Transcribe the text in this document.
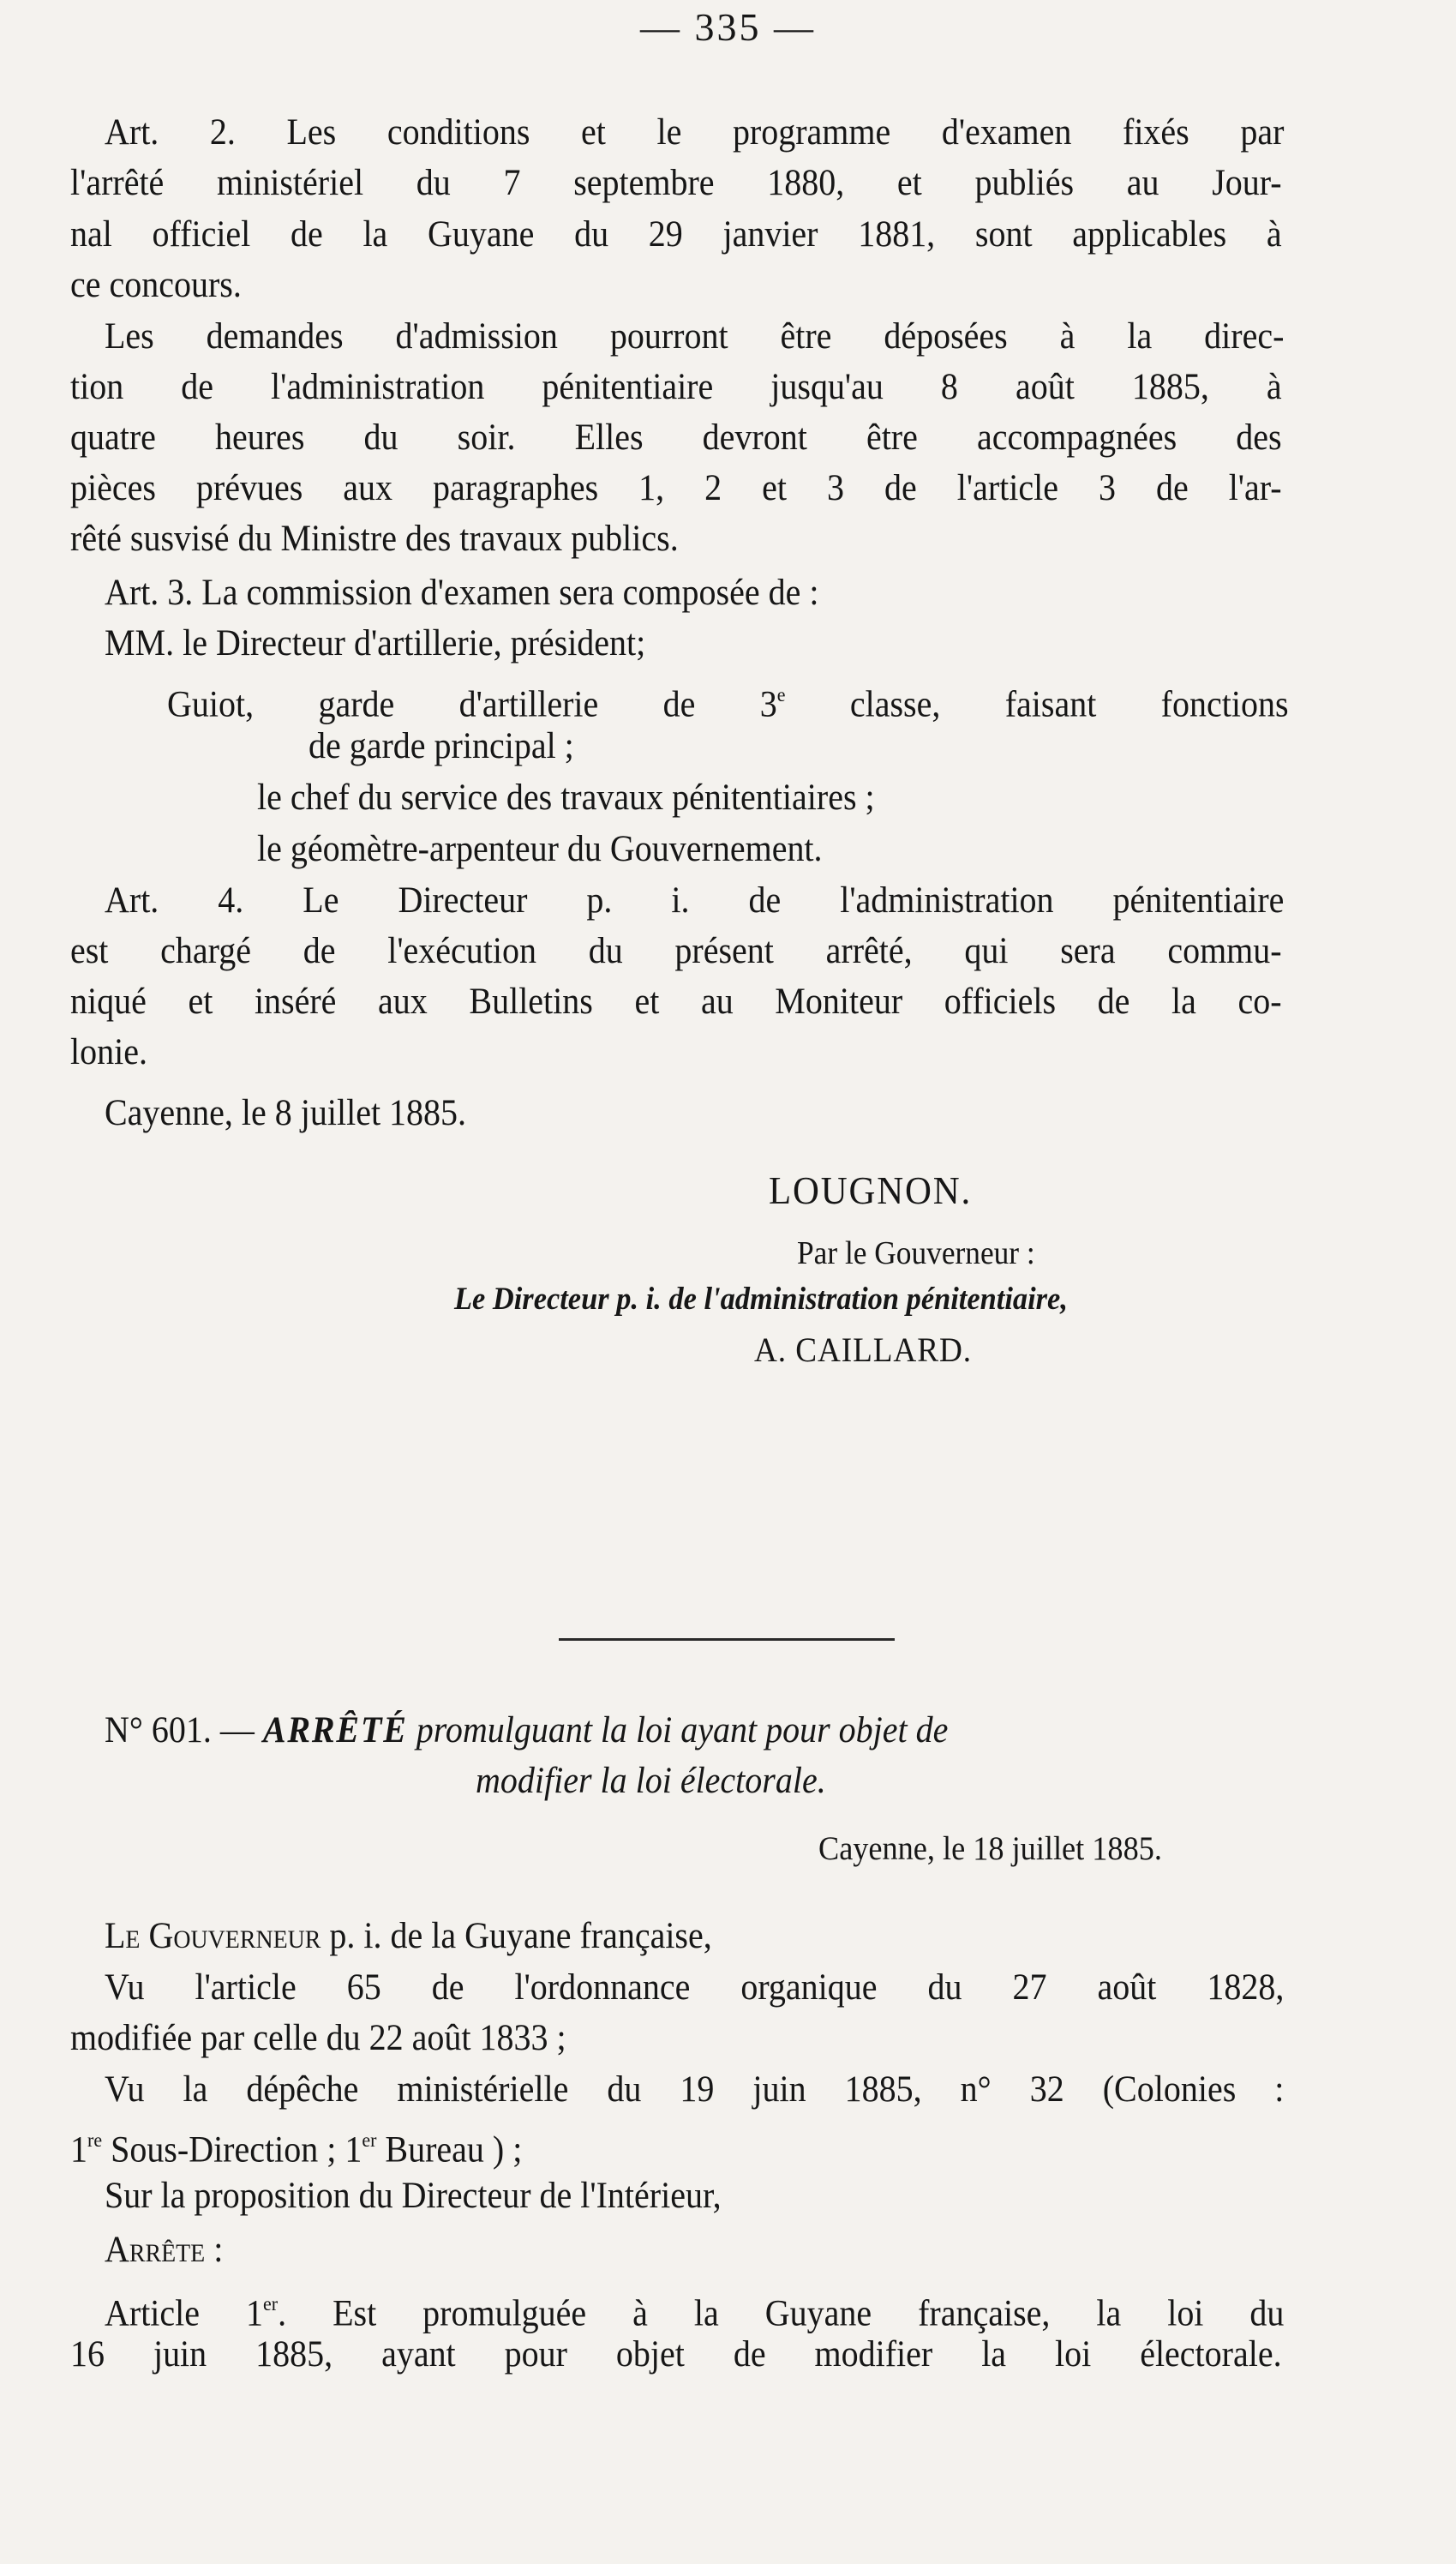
— 335 —
Art. 2. Les conditions et le programme d'examen fixés par
l'arrêté ministériel du 7 septembre 1880, et publiés au Jour-
nal officiel de la Guyane du 29 janvier 1881, sont applicables à
ce concours.
Les demandes d'admission pourront être déposées à la direc-
tion de l'administration pénitentiaire jusqu'au 8 août 1885, à
quatre heures du soir. Elles devront être accompagnées des
pièces prévues aux paragraphes 1, 2 et 3 de l'article 3 de l'ar-
rêté susvisé du Ministre des travaux publics.
Art. 3. La commission d'examen sera composée de :
MM. le Directeur d'artillerie, président;
Guiot, garde d'artillerie de 3e classe, faisant fonctions
de garde principal ;
le chef du service des travaux pénitentiaires ;
le géomètre-arpenteur du Gouvernement.
Art. 4. Le Directeur p. i. de l'administration pénitentiaire
est chargé de l'exécution du présent arrêté, qui sera commu-
niqué et inséré aux Bulletins et au Moniteur officiels de la co-
lonie.
Cayenne, le 8 juillet 1885.
LOUGNON.
Par le Gouverneur :
Le Directeur p. i. de l'administration pénitentiaire,
A. CAILLARD.
N° 601. — ARRÊTÉ promulguant la loi ayant pour objet de
modifier la loi électorale.
Cayenne, le 18 juillet 1885.
Le Gouverneur p. i. de la Guyane française,
Vu l'article 65 de l'ordonnance organique du 27 août 1828,
modifiée par celle du 22 août 1833 ;
Vu la dépêche ministérielle du 19 juin 1885, n° 32 (Colonies :
1re Sous-Direction ; 1er Bureau ) ;
Sur la proposition du Directeur de l'Intérieur,
Arrête :
Article 1er. Est promulguée à la Guyane française, la loi du
16 juin 1885, ayant pour objet de modifier la loi électorale.
